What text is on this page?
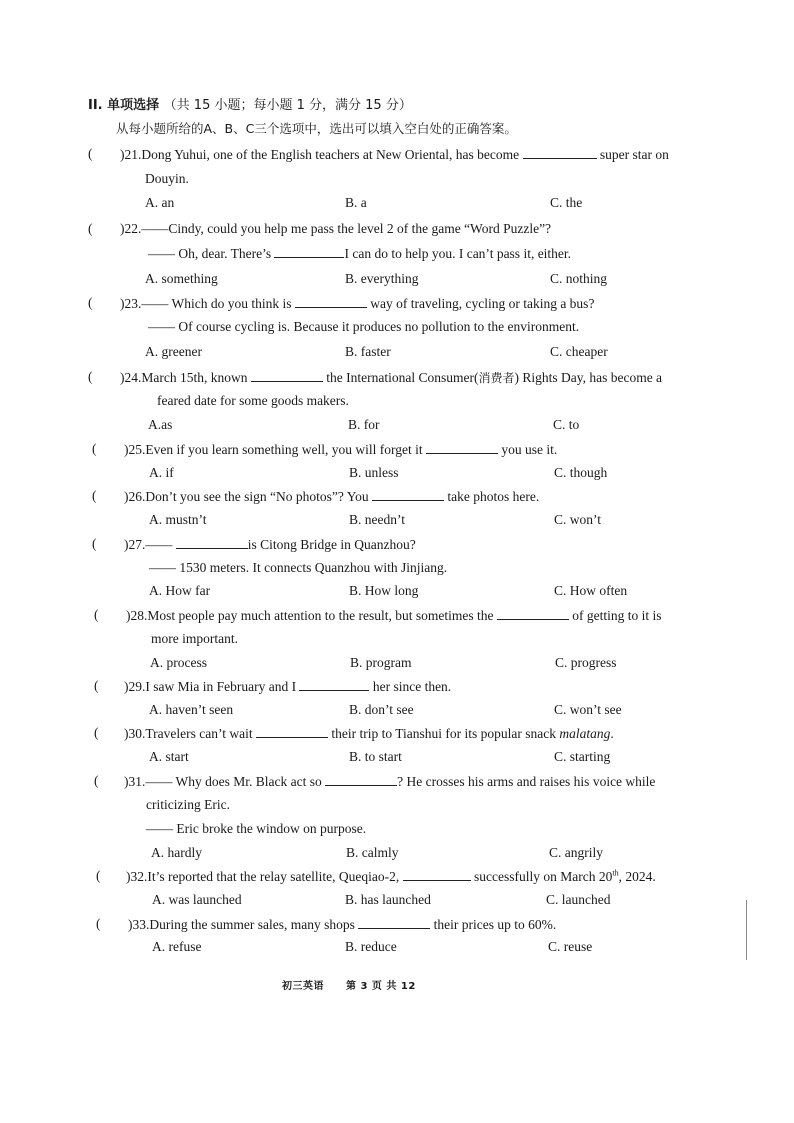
II. 单项选择 （共 15 小题；每小题 1 分，满分 15 分）
从每小题所给的A、B、C三个选项中，选出可以填入空白处的正确答案。
( )21.Dong Yuhui, one of the English teachers at New Oriental, has become	super star on
Douyin.
A. an	B. a	C. the
( )22.——Cindy, could you help me pass the level 2 of the game “Word Puzzle”?
—— Oh, dear. There’s	I can do to help you. I can’t pass it, either.
A. something	B. everything	C. nothing
( )23.—— Which do you think is	way of traveling, cycling or taking a bus?
—— Of course cycling is. Because it produces no pollution to the environment.
A. greener	B. faster	C. cheaper
( )24.March 15th, known	the International Consumer(消费者) Rights Day, has become a
feared date for some goods makers.
A.as	B. for	C. to
( )25.Even if you learn something well, you will forget it	you use it.
A. if	B. unless	C. though
( )26.Don’t you see the sign “No photos”? You	take photos here.
A. mustn’t	B. needn’t	C. won’t
( )27.——	is Citong Bridge in Quanzhou?
—— 1530 meters. It connects Quanzhou with Jinjiang.
A. How far	B. How long	C. How often
( )28.Most people pay much attention to the result, but sometimes the	of getting to it is
more important.
A. process	B. program	C. progress
( )29.I saw Mia in February and I	her since then.
A. haven’t seen	B. don’t see	C. won’t see
( )30.Travelers can’t wait	their trip to Tianshui for its popular snack malatang.
A. start	B. to start	C. starting
( )31.—— Why does Mr. Black act so	? He crosses his arms and raises his voice while
criticizing Eric.
—— Eric broke the window on purpose.
A. hardly	B. calmly	C. angrily
( )32.It’s reported that the relay satellite, Queqiao-2,	successfully on March 20th, 2024.
A. was launched	B. has launched	C. launched
( )33.During the summer sales, many shops	their prices up to 60%.
A. refuse	B. reduce	C. reuse
初三英语 第 3 页 共 12
